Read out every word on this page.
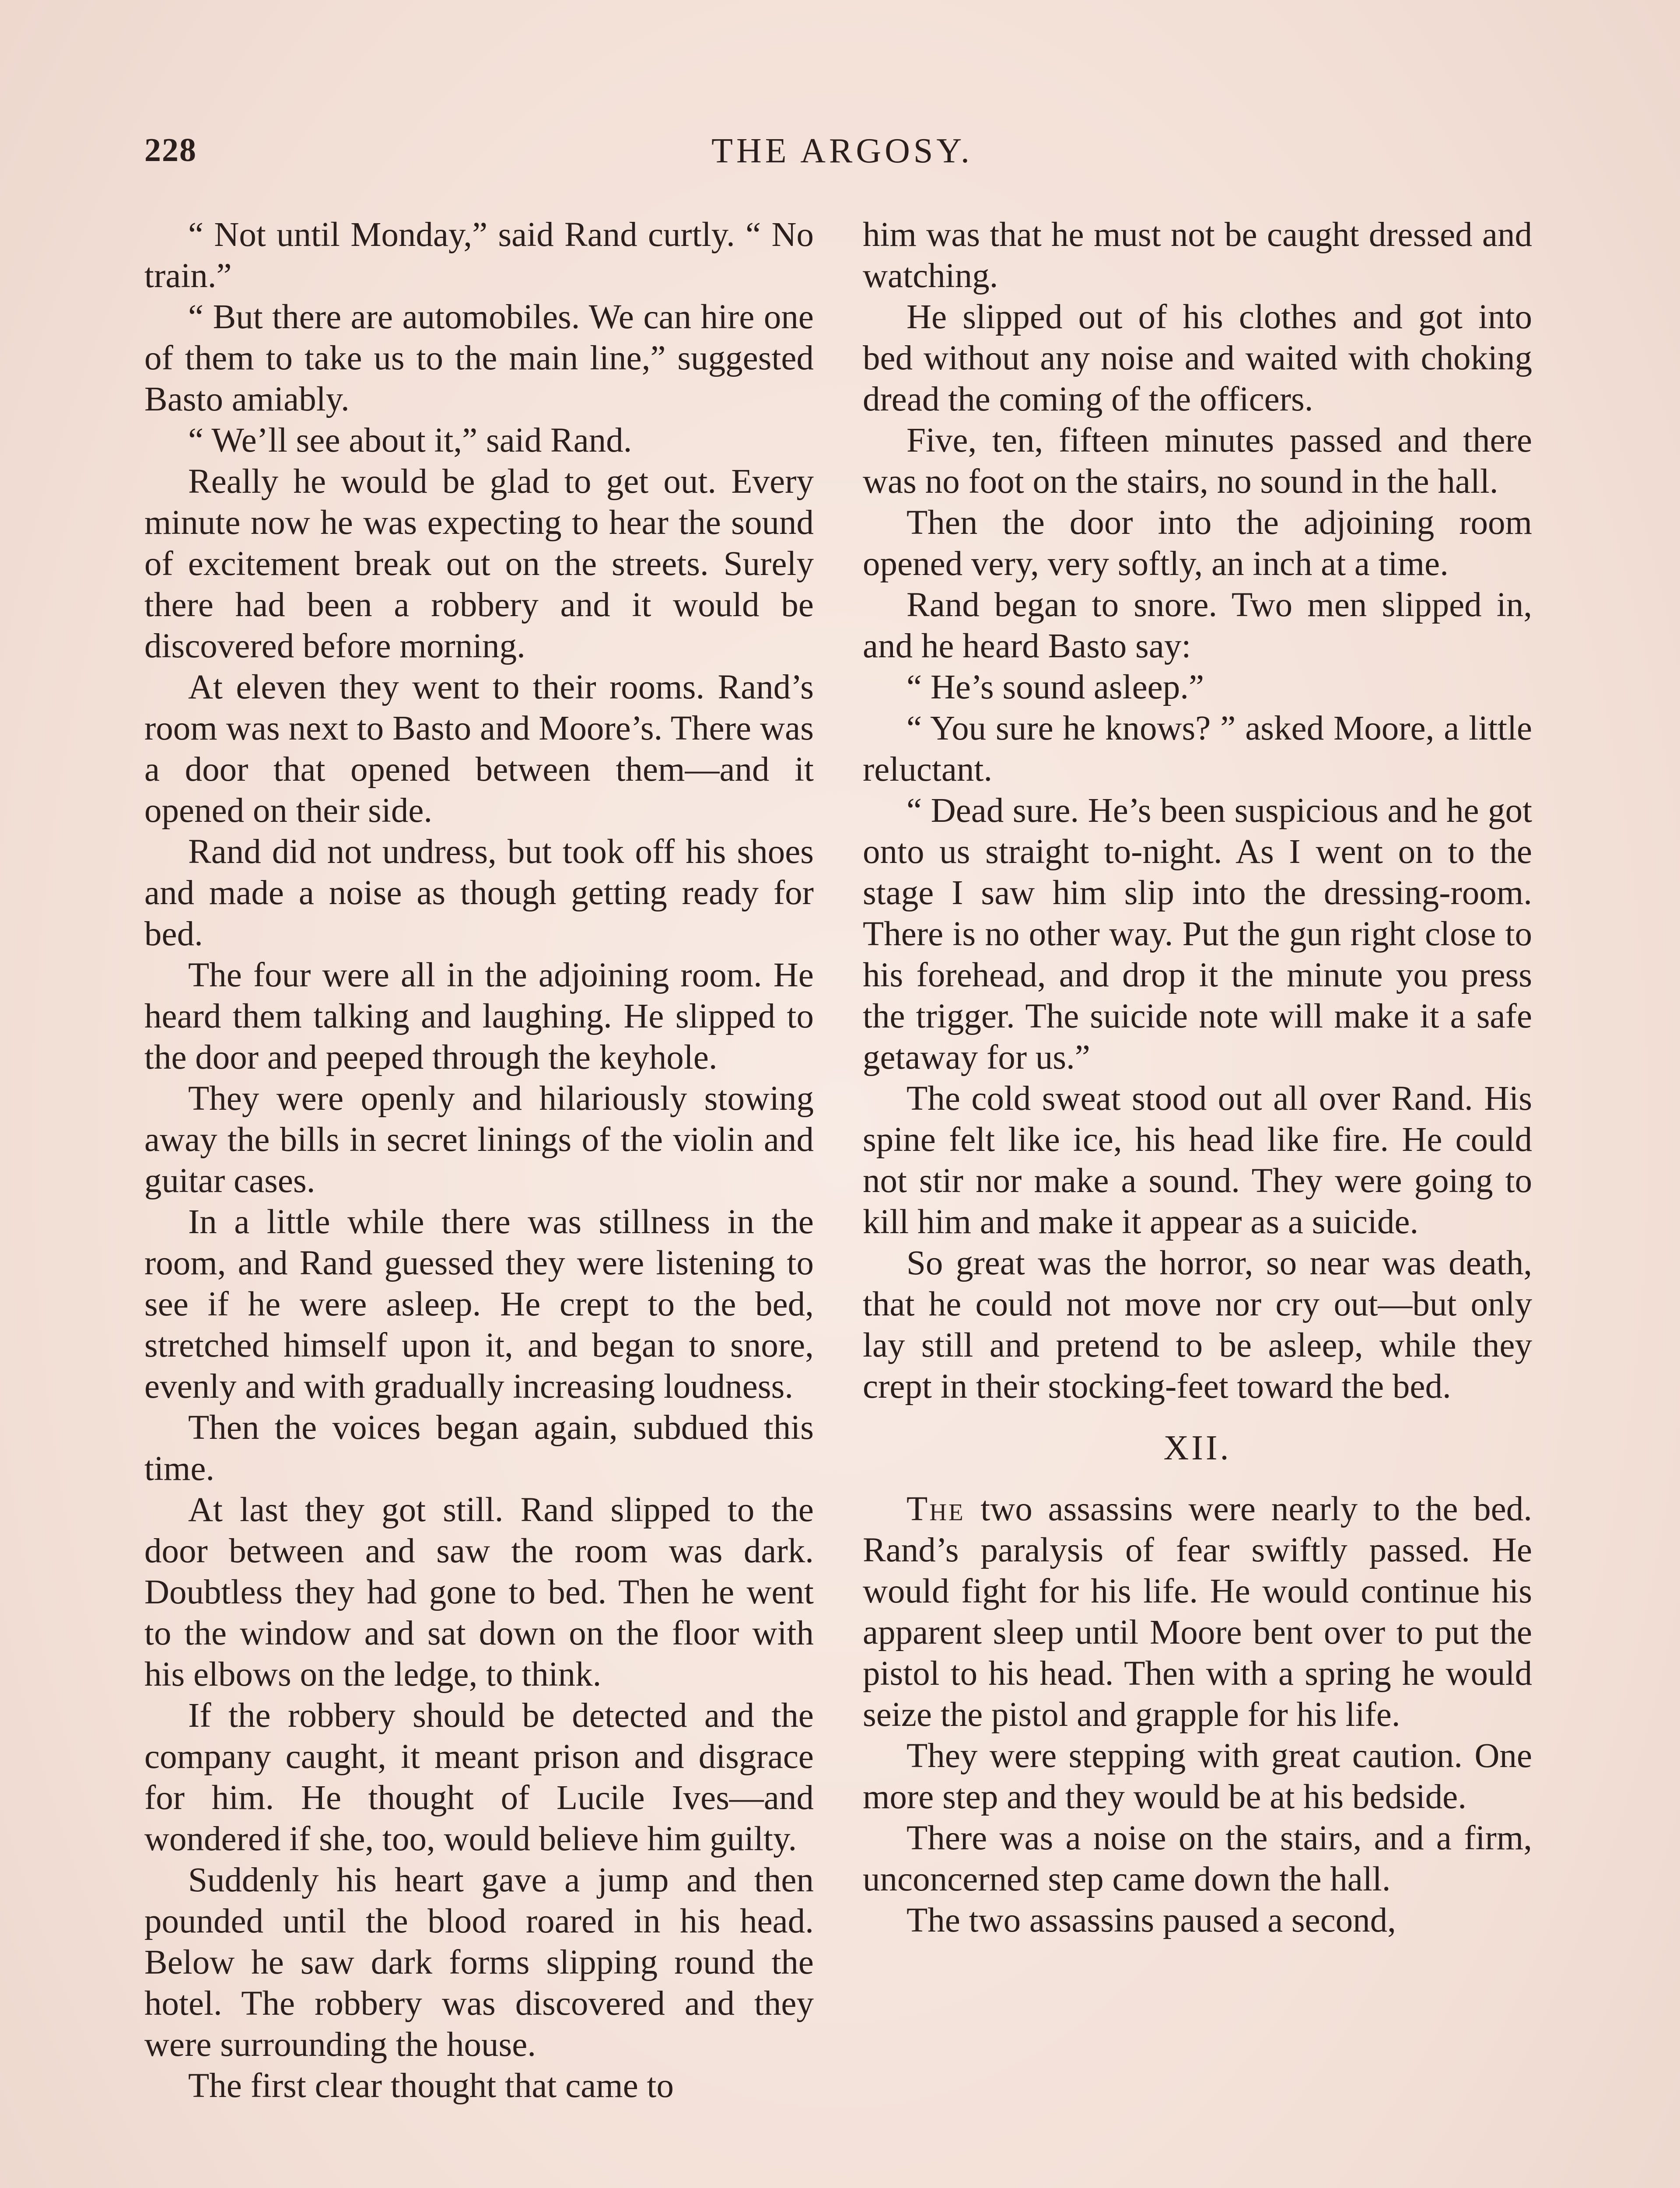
228	THE ARGOSY.

“ Not until Monday,” said Rand curtly. “ No train.”

“ But there are automobiles. We can hire one of them to take us to the main line,” suggested Basto amiably.

“ We’ll see about it,” said Rand.

Really he would be glad to get out. Every minute now he was expecting to hear the sound of excitement break out on the streets. Surely there had been a robbery and it would be discovered before morning.

At eleven they went to their rooms. Rand’s room was next to Basto and Moore’s. There was a door that opened between them—and it opened on their side.

Rand did not undress, but took off his shoes and made a noise as though getting ready for bed.

The four were all in the adjoining room. He heard them talking and laughing. He slipped to the door and peeped through the keyhole.

They were openly and hilariously stowing away the bills in secret linings of the violin and guitar cases.

In a little while there was stillness in the room, and Rand guessed they were listening to see if he were asleep. He crept to the bed, stretched himself upon it, and began to snore, evenly and with gradually increasing loudness.

Then the voices began again, subdued this time.

At last they got still. Rand slipped to the door between and saw the room was dark. Doubtless they had gone to bed. Then he went to the window and sat down on the floor with his elbows on the ledge, to think.

If the robbery should be detected and the company caught, it meant prison and disgrace for him. He thought of Lucile Ives—and wondered if she, too, would believe him guilty.

Suddenly his heart gave a jump and then pounded until the blood roared in his head. Below he saw dark forms slipping round the hotel. The robbery was discovered and they were surrounding the house.

The first clear thought that came to

him was that he must not be caught dressed and watching.

He slipped out of his clothes and got into bed without any noise and waited with choking dread the coming of the officers.

Five, ten, fifteen minutes passed and there was no foot on the stairs, no sound in the hall.

Then the door into the adjoining room opened very, very softly, an inch at a time.

Rand began to snore. Two men slipped in, and he heard Basto say:

“ He’s sound asleep.”

“ You sure he knows? ” asked Moore, a little reluctant.

“ Dead sure. He’s been suspicious and he got onto us straight to-night. As I went on to the stage I saw him slip into the dressing-room. There is no other way. Put the gun right close to his forehead, and drop it the minute you press the trigger. The suicide note will make it a safe getaway for us.”

The cold sweat stood out all over Rand. His spine felt like ice, his head like fire. He could not stir nor make a sound. They were going to kill him and make it appear as a suicide.

So great was the horror, so near was death, that he could not move nor cry out—but only lay still and pretend to be asleep, while they crept in their stocking-feet toward the bed.

XII.

The two assassins were nearly to the bed. Rand’s paralysis of fear swiftly passed. He would fight for his life. He would continue his apparent sleep until Moore bent over to put the pistol to his head. Then with a spring he would seize the pistol and grapple for his life.

They were stepping with great caution. One more step and they would be at his bedside.

There was a noise on the stairs, and a firm, unconcerned step came down the hall.

The two assassins paused a second,
